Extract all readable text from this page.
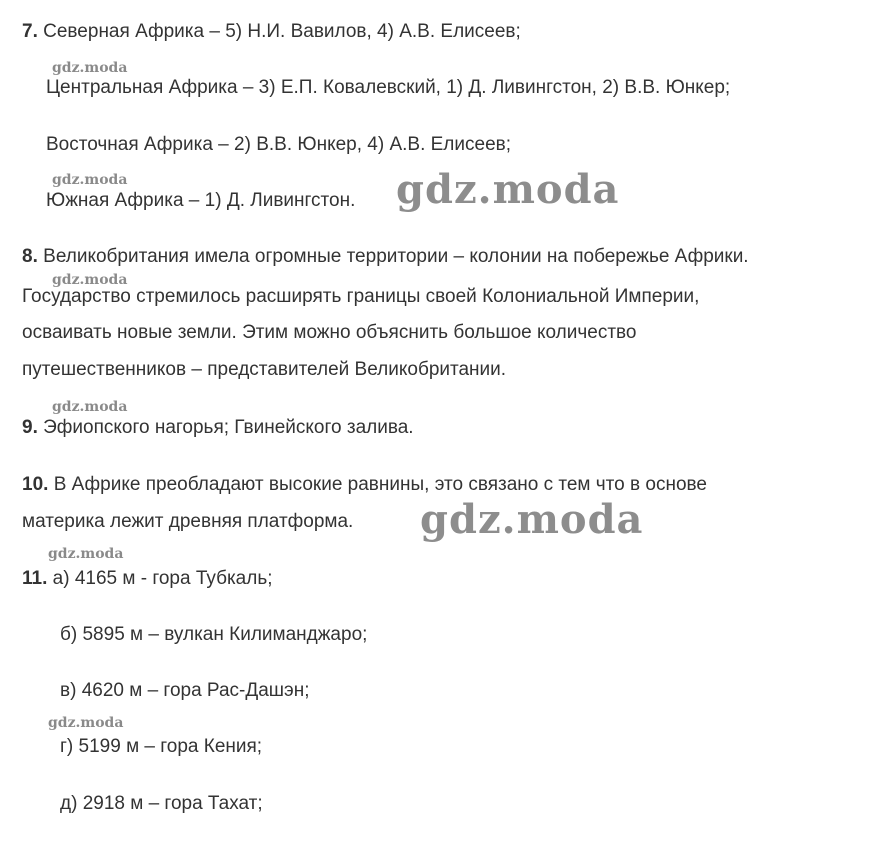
7. Северная Африка – 5) Н.И. Вавилов, 4) А.В. Елисеев;
gdz.moda
Центральная Африка – 3) Е.П. Ковалевский, 1) Д. Ливингстон, 2) В.В. Юнкер;
Восточная Африка – 2) В.В. Юнкер, 4) А.В. Елисеев;
gdz.moda
Южная Африка – 1) Д. Ливингстон. gdz.moda
8. Великобритания имела огромные территории – колонии на побережье Африки.
gdz.moda
Государство стремилось расширять границы своей Колониальной Империи,
осваивать новые земли. Этим можно объяснить большое количество
путешественников – представителей Великобритании.
gdz.moda
9. Эфиопского нагорья; Гвинейского залива.
10. В Африке преобладают высокие равнины, это связано с тем что в основе
материка лежит древняя платформа. gdz.moda
gdz.moda
11. а) 4165 м - гора Тубкаль;
б) 5895 м – вулкан Килиманджаро;
в) 4620 м – гора Рас-Дашэн;
gdz.moda
г) 5199 м – гора Кения;
д) 2918 м – гора Тахат;
